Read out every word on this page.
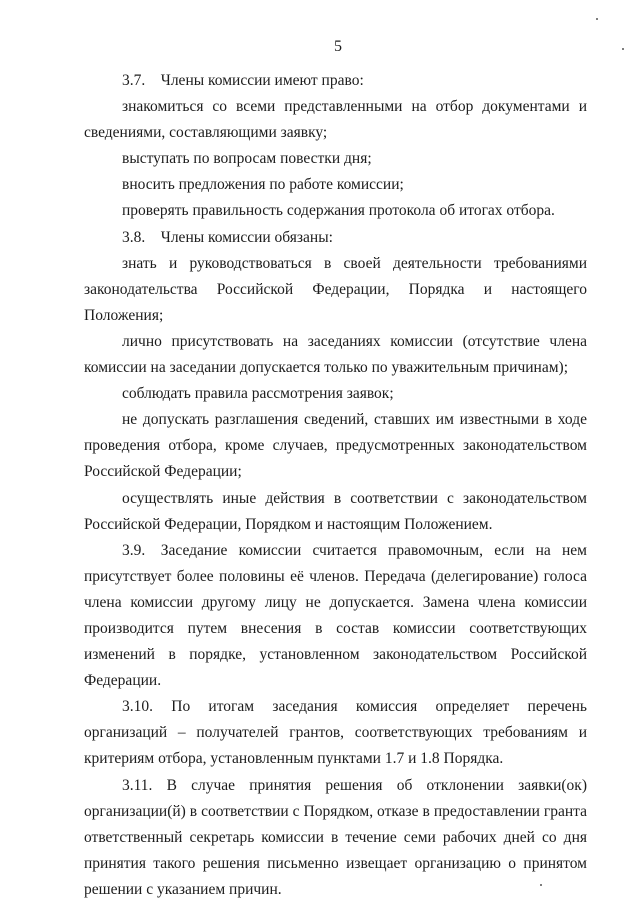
5

3.7. Члены комиссии имеют право:

знакомиться со всеми представленными на отбор документами и сведениями, составляющими заявку;

выступать по вопросам повестки дня;

вносить предложения по работе комиссии;

проверять правильность содержания протокола об итогах отбора.

3.8. Члены комиссии обязаны:

знать и руководствоваться в своей деятельности требованиями законодательства Российской Федерации, Порядка и настоящего Положения;

лично присутствовать на заседаниях комиссии (отсутствие члена комиссии на заседании допускается только по уважительным причинам);

соблюдать правила рассмотрения заявок;

не допускать разглашения сведений, ставших им известными в ходе проведения отбора, кроме случаев, предусмотренных законодательством Российской Федерации;

осуществлять иные действия в соответствии с законодательством Российской Федерации, Порядком и настоящим Положением.

3.9. Заседание комиссии считается правомочным, если на нем присутствует более половины её членов. Передача (делегирование) голоса члена комиссии другому лицу не допускается. Замена члена комиссии производится путем внесения в состав комиссии соответствующих изменений в порядке, установленном законодательством Российской Федерации.

3.10. По итогам заседания комиссия определяет перечень организаций – получателей грантов, соответствующих требованиям и критериям отбора, установленным пунктами 1.7 и 1.8 Порядка.

3.11. В случае принятия решения об отклонении заявки(ок) организации(й) в соответствии с Порядком, отказе в предоставлении гранта ответственный секретарь комиссии в течение семи рабочих дней со дня принятия такого решения письменно извещает организацию о принятом решении с указанием причин.
